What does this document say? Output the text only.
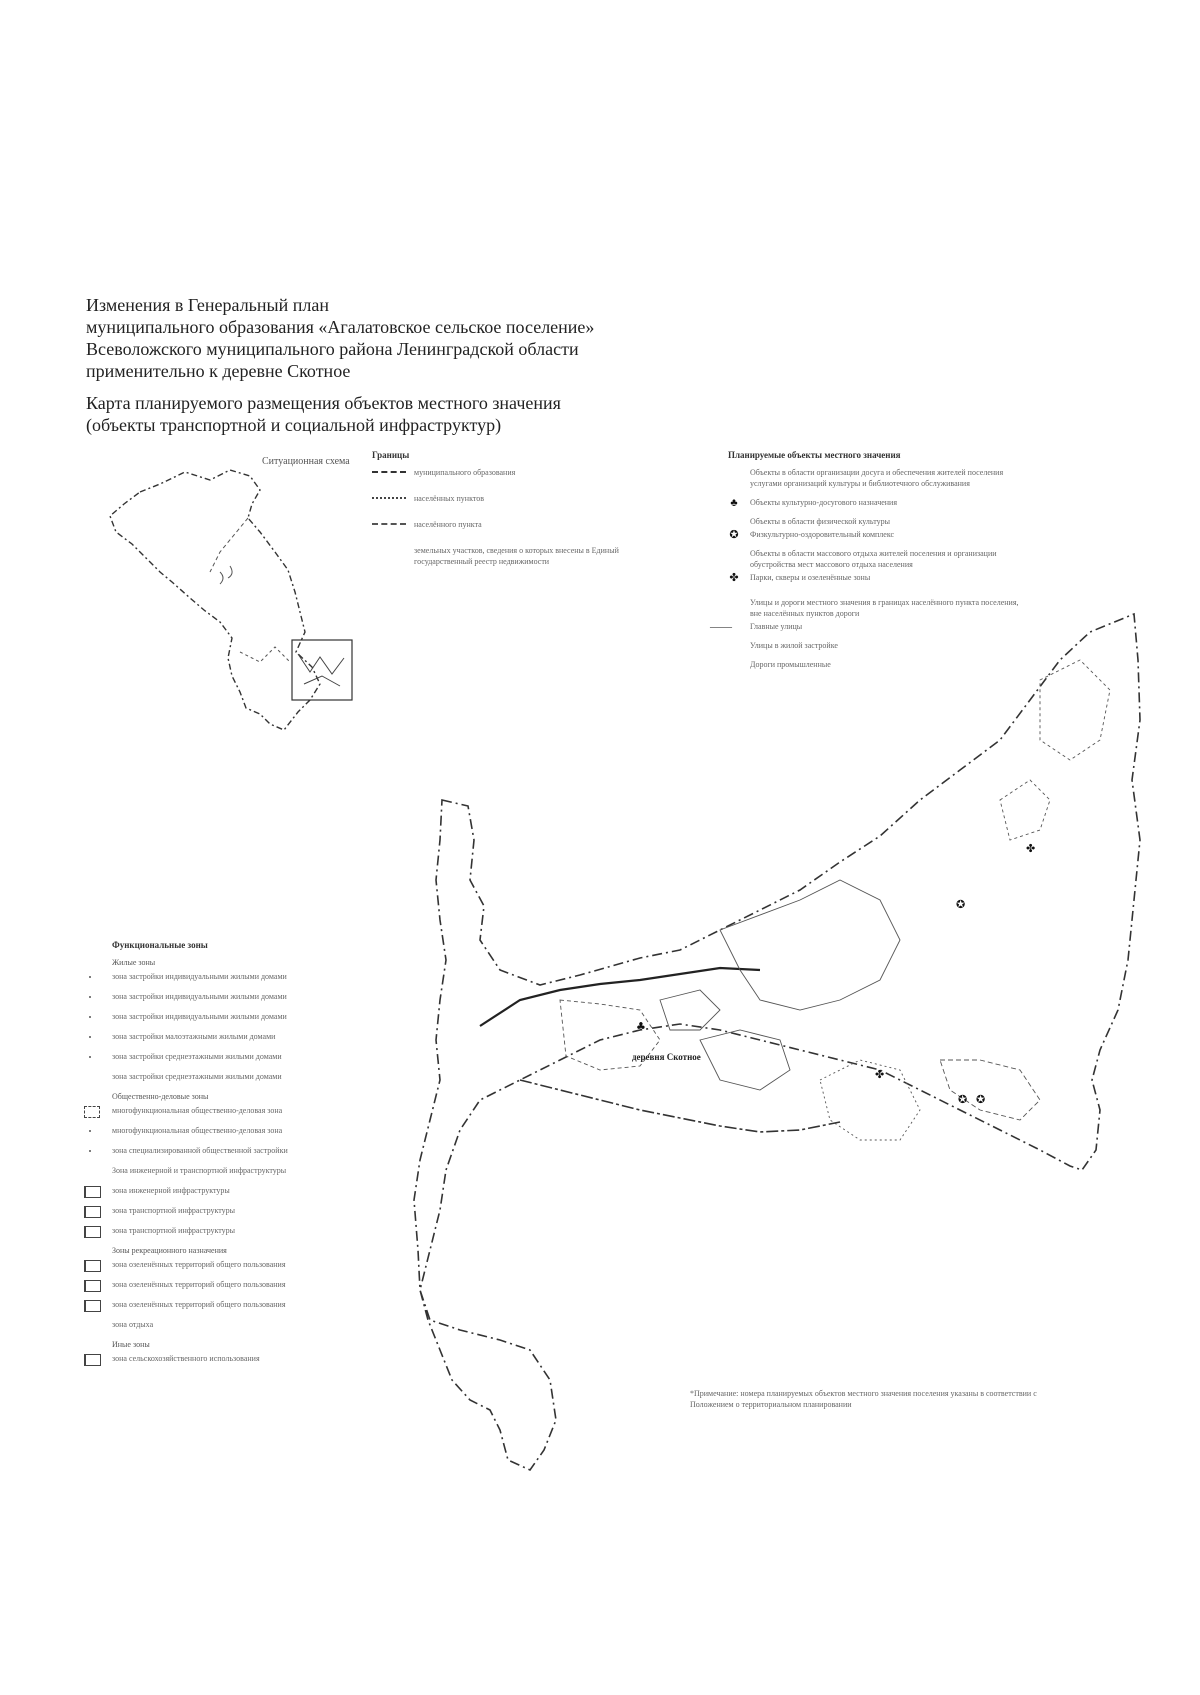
Изменения в Генеральный план
муниципального образования «Агалатовское сельское поселение»
Всеволожского муниципального района Ленинградской области
применительно к деревне Скотное
Карта планируемого размещения объектов местного значения
(объекты транспортной и социальной инфраструктур)
Ситуационная схема
Границы
муниципального образования
населённых пунктов
населённого пункта
земельных участков, сведения о которых внесены в Единый государственный реестр недвижимости
Планируемые объекты местного значения
Объекты в области организации досуга и обеспечения жителей поселения услугами организаций культуры и библиотечного обслуживания
♣ Объекты культурно-досугового назначения
Объекты в области физической культуры
✪ Физкультурно-оздоровительный комплекс
Объекты в области массового отдыха жителей поселения и организации обустройства мест массового отдыха населения
✤ Парки, скверы и озеленённые зоны
Улицы и дороги местного значения в границах населённого пункта поселения, вне населённых пунктов дороги
—— Главные улицы
Улицы в жилой застройке
Дороги промышленные
Функциональные зоны
Жилые зоны
зона застройки индивидуальными жилыми домами
зона застройки индивидуальными жилыми домами
зона застройки индивидуальными жилыми домами
зона застройки малоэтажными жилыми домами
зона застройки среднеэтажными жилыми домами
зона застройки среднеэтажными жилыми домами
Общественно-деловые зоны
многофункциональная общественно-деловая зона
многофункциональная общественно-деловая зона
зона специализированной общественной застройки
Зона инженерной и транспортной инфраструктуры
зона инженерной инфраструктуры
зона транспортной инфраструктуры
зона транспортной инфраструктуры
Зоны рекреационного назначения
зона озеленённых территорий общего пользования
зона озеленённых территорий общего пользования
зона озеленённых территорий общего пользования
зона отдыха
Иные зоны
зона сельскохозяйственного использования
✪ ✪
✪
♣
✤
✤
деревня Скотное
*Примечание: номера планируемых объектов местного значения поселения указаны в соответствии с
Положением о территориальном планировании
